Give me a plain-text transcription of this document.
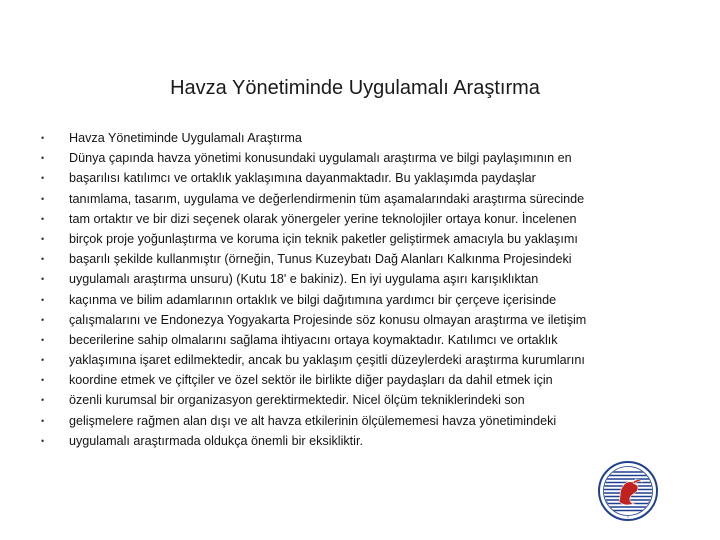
Havza Yönetiminde Uygulamalı Araştırma
• Havza Yönetiminde Uygulamalı Araştırma
• Dünya çapında havza yönetimi konusundaki uygulamalı araştırma ve bilgi paylaşımının en
• başarılısı katılımcı ve ortaklık yaklaşımına dayanmaktadır. Bu yaklaşımda paydaşlar
• tanımlama, tasarım, uygulama ve değerlendirmenin tüm aşamalarındaki araştırma sürecinde
• tam ortaktır ve bir dizi seçenek olarak yönergeler yerine teknolojiler ortaya konur. İncelenen
• birçok proje yoğunlaştırma ve koruma için teknik paketler geliştirmek amacıyla bu yaklaşımı
• başarılı şekilde kullanmıştır (örneğin, Tunus Kuzeybatı Dağ Alanları Kalkınma Projesindeki
• uygulamalı araştırma unsuru) (Kutu 18' e bakiniz). En iyi uygulama aşırı karışıklıktan
• kaçınma ve bilim adamlarının ortaklık ve bilgi dağıtımına yardımcı bir çerçeve içerisinde
• çalışmalarını ve Endonezya Yogyakarta Projesinde söz konusu olmayan araştırma ve iletişim
• becerilerine sahip olmalarını sağlama ihtiyacını ortaya koymaktadır. Katılımcı ve ortaklık
• yaklaşımına işaret edilmektedir, ancak bu yaklaşım çeşitli düzeylerdeki araştırma kurumlarını
• koordine etmek ve çiftçiler ve özel sektör ile birlikte diğer paydaşları da dahil etmek için
• özenli kurumsal bir organizasyon gerektirmektedir. Nicel ölçüm tekniklerindeki son
• gelişmelere rağmen alan dışı ve alt havza etkilerinin ölçülememesi havza yönetimindeki
• uygulamalı araştırmada oldukça önemli bir eksikliktir.
